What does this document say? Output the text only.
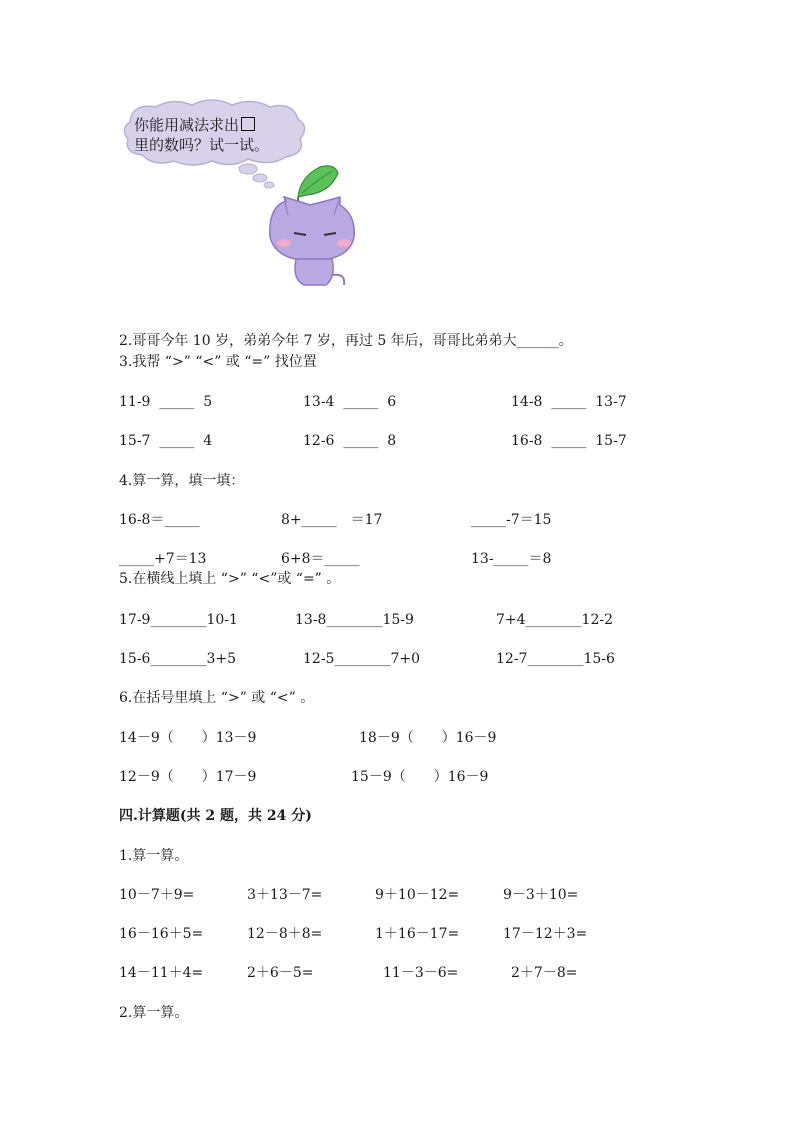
你能用减法求出
里的数吗？试一试。
2.哥哥今年 10 岁，弟弟今年 7 岁，再过 5 年后，哥哥比弟弟大______。
3.我帮 “>” “<” 或 “=” 找位置
11-9  _____  5	13-4  _____  6	14-8  _____  13-7
15-7  _____  4	12-6  _____  8	16-8  _____  15-7
4.算一算，填一填：
16-8＝_____	8+_____　＝17	_____-7＝15
_____+7＝13	6+8＝_____	13-_____＝8
5.在横线上填上 “>” “<”或 “=” 。
17-9________10-1	13-8________15-9	7+4________12-2
15-6________3+5	12-5________7+0	12-7________15-6
6.在括号里填上 “>” 或 “<” 。
14－9（　　）13－9	18－9（　　）16－9
12－9（　　）17－9	15－9（　　）16－9
四.计算题(共 2 题，共 24 分)
1.算一算。
10－7＋9=	3＋13－7=	9＋10－12=	9－3＋10=
16－16＋5=	12－8＋8=	1＋16－17=	17－12＋3=
14－11＋4=	2＋6－5=	11－3－6=	2＋7－8=
2.算一算。
